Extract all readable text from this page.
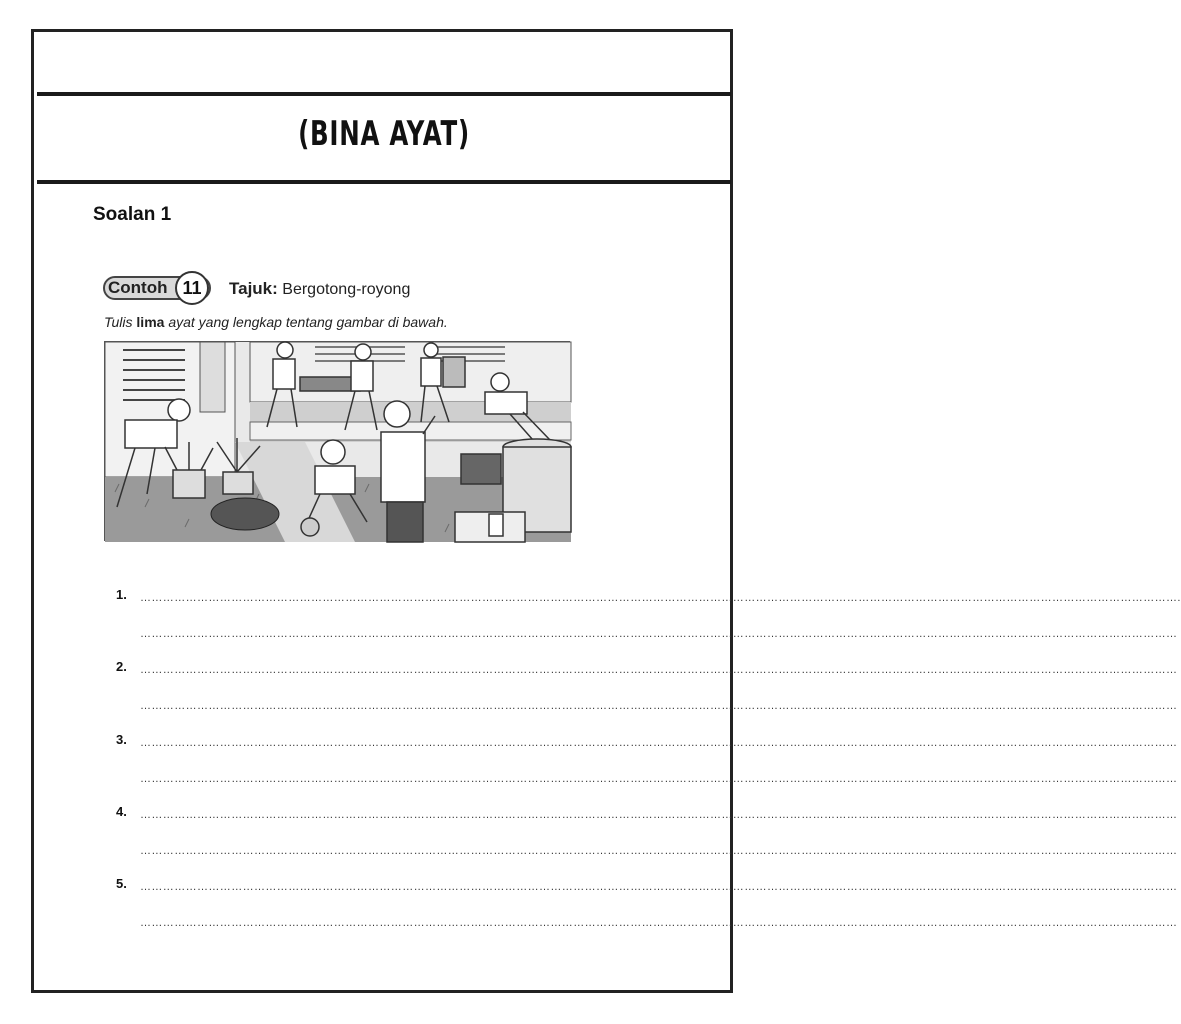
(BINA AYAT)
Soalan 1
Contoh 11	Tajuk: Bergotong-royong
Tulis lima ayat yang lengkap tentang gambar di bawah.
1. ………………………………………………………………………………………………………………………………………………………………………………………………………………………………………………….
…………………………………………………………………………………………………………………………………………………………………………………………………………………………………………………
2. …………………………………………………………………………………………………………………………………………………………………………………………………………………………………………………
…………………………………………………………………………………………………………………………………………………………………………………………………………………………………………………
3. …………………………………………………………………………………………………………………………………………………………………………………………………………………………………………………
…………………………………………………………………………………………………………………………………………………………………………………………………………………………………………………
4. …………………………………………………………………………………………………………………………………………………………………………………………………………………………………………………
…………………………………………………………………………………………………………………………………………………………………………………………………………………………………………………
5. …………………………………………………………………………………………………………………………………………………………………………………………………………………………………………………
…………………………………………………………………………………………………………………………………………………………………………………………………………………………………………………
